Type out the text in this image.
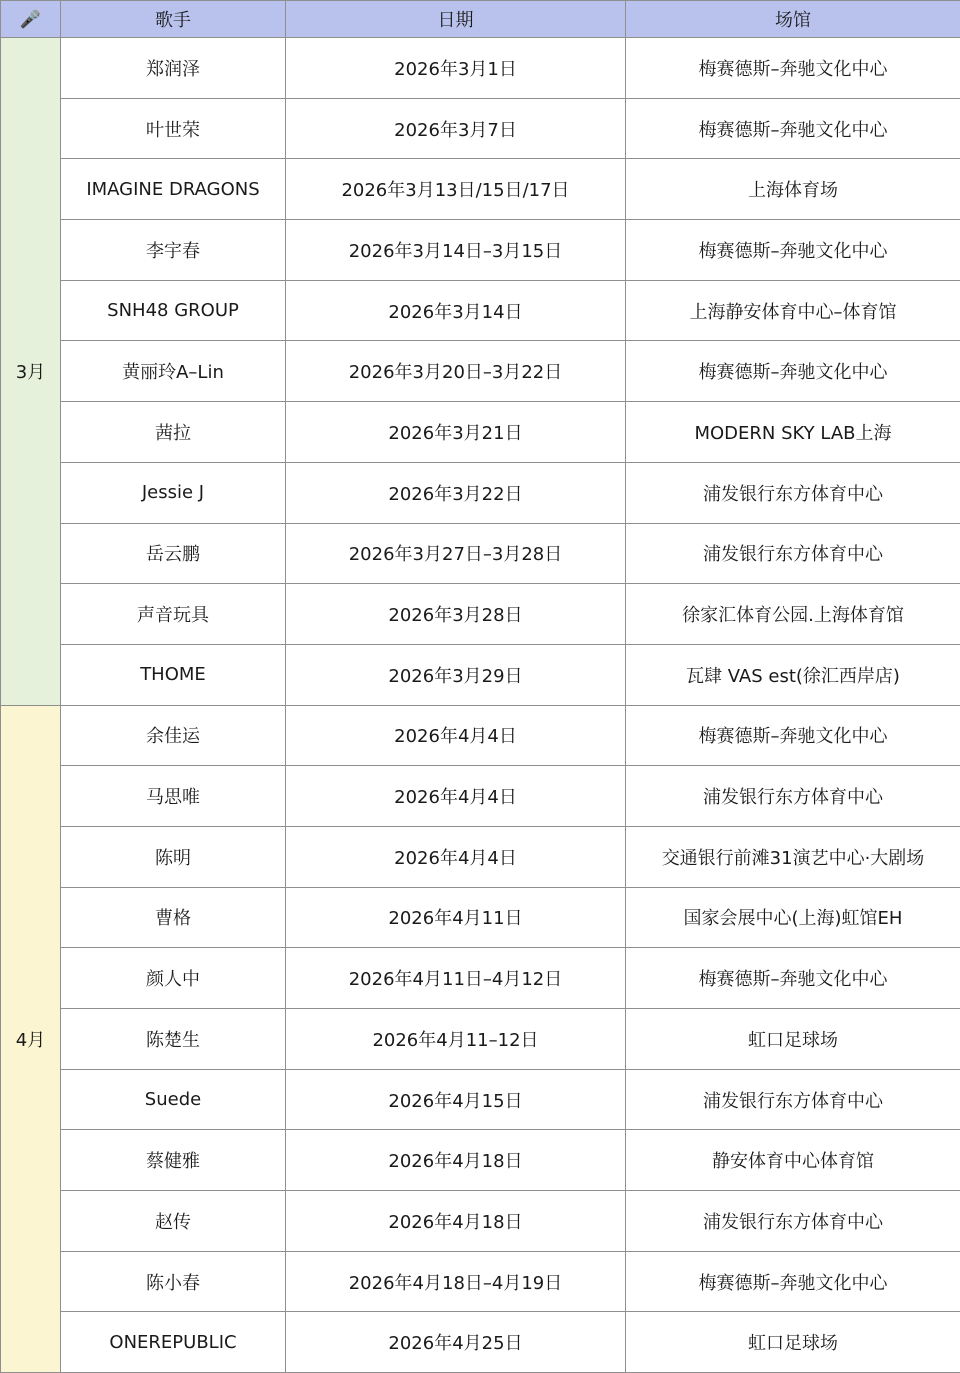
🎤	歌手	日期	场馆
3月	郑润泽	2026年3月1日	梅赛德斯–奔驰文化中心
	叶世荣	2026年3月7日	梅赛德斯–奔驰文化中心
	IMAGINE DRAGONS	2026年3月13日/15日/17日	上海体育场
	李宇春	2026年3月14日–3月15日	梅赛德斯–奔驰文化中心
	SNH48 GROUP	2026年3月14日	上海静安体育中心–体育馆
	黄丽玲A–Lin	2026年3月20日–3月22日	梅赛德斯–奔驰文化中心
	茜拉	2026年3月21日	MODERN SKY LAB上海
	Jessie J	2026年3月22日	浦发银行东方体育中心
	岳云鹏	2026年3月27日–3月28日	浦发银行东方体育中心
	声音玩具	2026年3月28日	徐家汇体育公园.上海体育馆
	THOME	2026年3月29日	瓦肆 VAS est(徐汇西岸店)
4月	余佳运	2026年4月4日	梅赛德斯–奔驰文化中心
	马思唯	2026年4月4日	浦发银行东方体育中心
	陈明	2026年4月4日	交通银行前滩31演艺中心·大剧场
	曹格	2026年4月11日	国家会展中心(上海)虹馆EH
	颜人中	2026年4月11日–4月12日	梅赛德斯–奔驰文化中心
	陈楚生	2026年4月11–12日	虹口足球场
	Suede	2026年4月15日	浦发银行东方体育中心
	蔡健雅	2026年4月18日	静安体育中心体育馆
	赵传	2026年4月18日	浦发银行东方体育中心
	陈小春	2026年4月18日–4月19日	梅赛德斯–奔驰文化中心
	ONEREPUBLIC	2026年4月25日	虹口足球场
